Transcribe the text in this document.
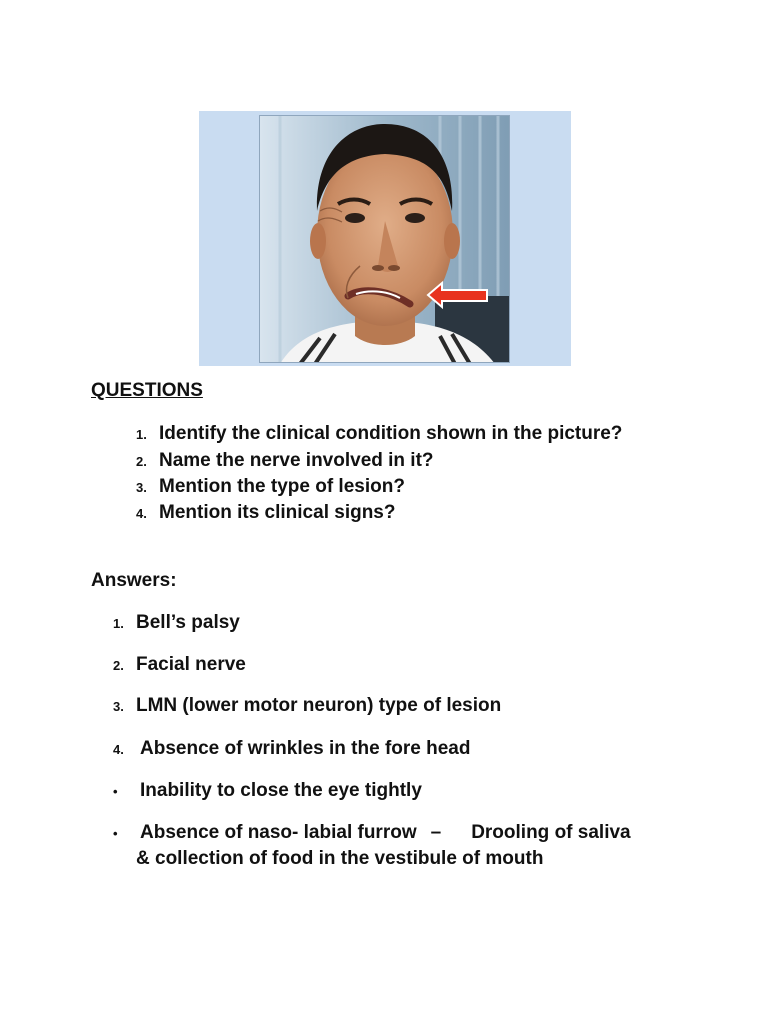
QUESTIONS
1. Identify the clinical condition shown in the picture?
2. Name the nerve involved in it?
3. Mention the type of lesion?
4. Mention its clinical signs?
Answers:
1. Bell’s palsy
2. Facial nerve
3. LMN (lower motor neuron) type of lesion
4. Absence of wrinkles in the fore head
• Inability to close the eye tightly
• Absence of naso- labial furrow – Drooling of saliva
& collection of food in the vestibule of mouth
